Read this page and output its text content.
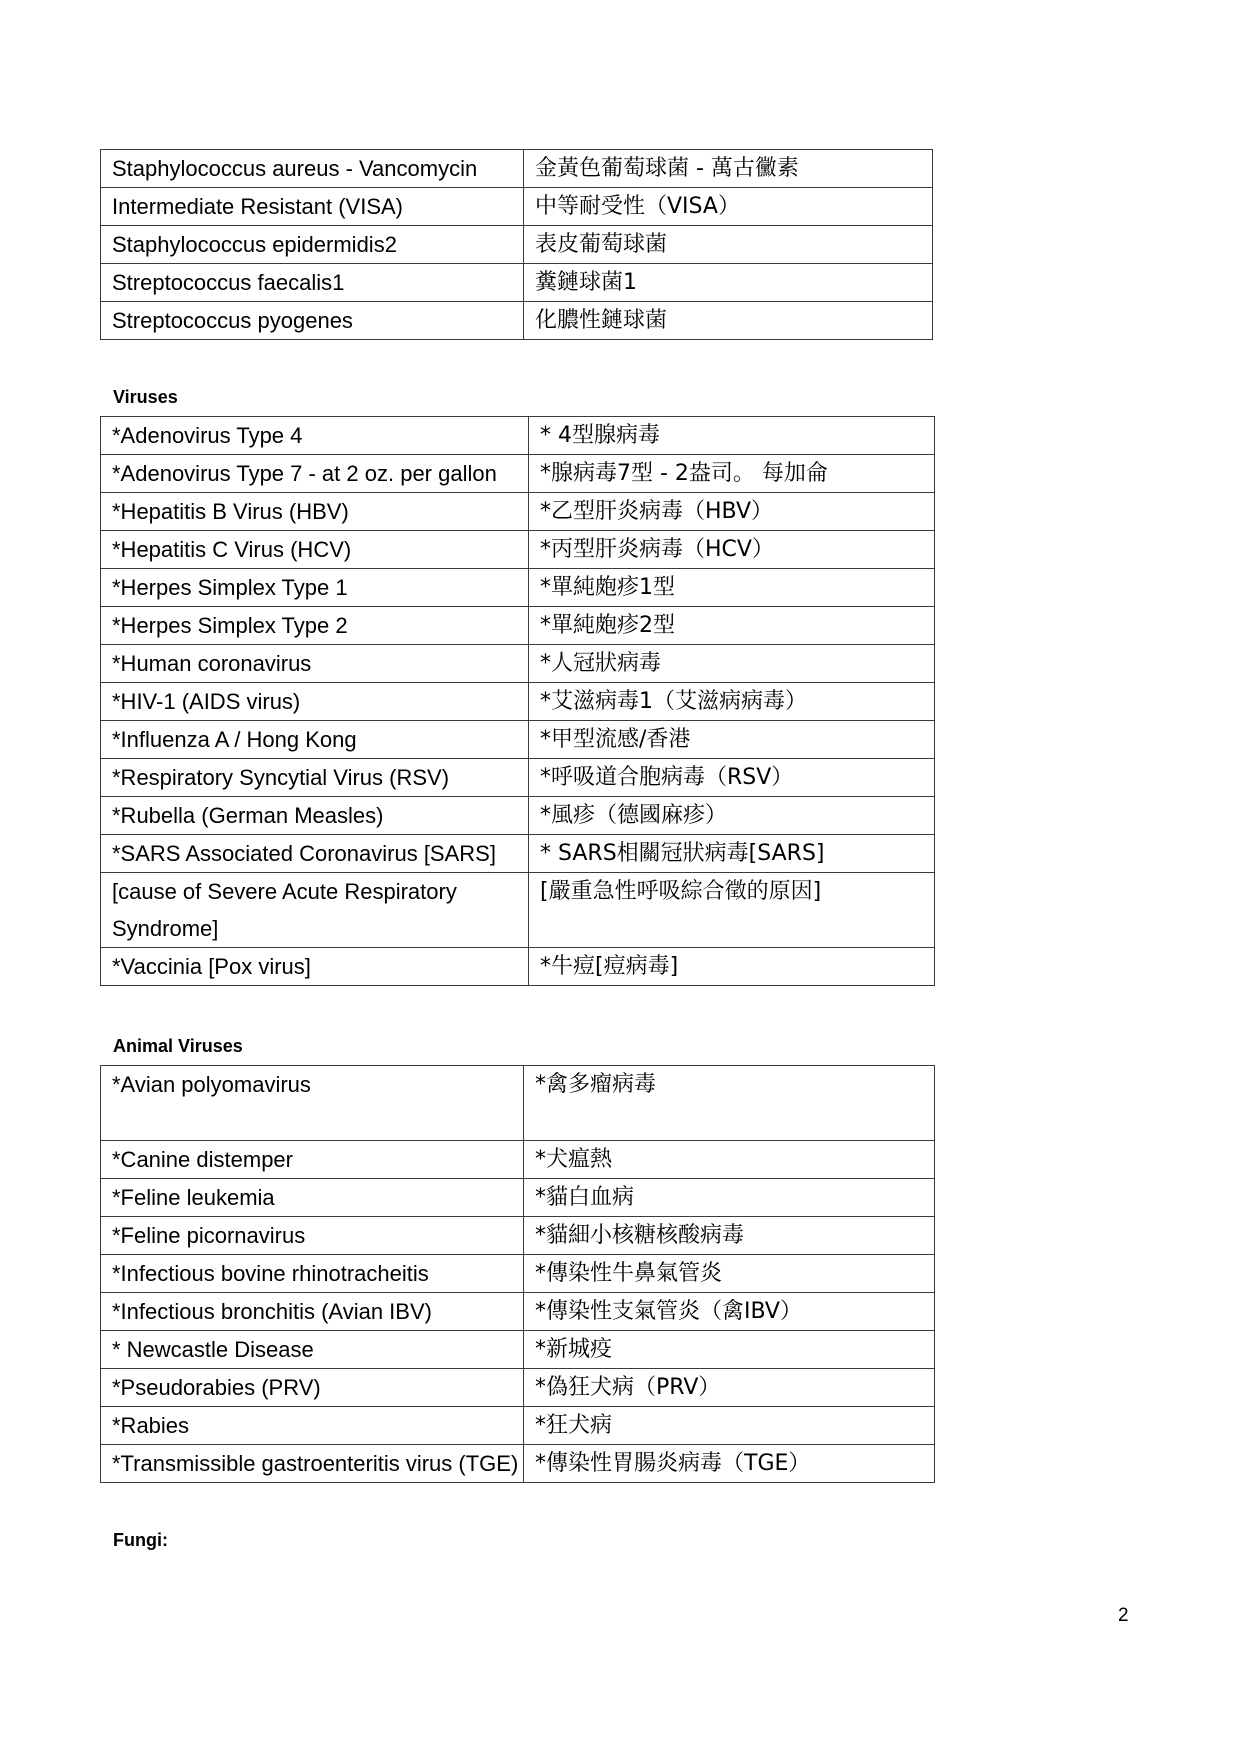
Staphylococcus aureus - Vancomycin	金黃色葡萄球菌 - 萬古黴素
Intermediate Resistant (VISA)	中等耐受性（VISA）
Staphylococcus epidermidis2	表皮葡萄球菌
Streptococcus faecalis1	糞鏈球菌1
Streptococcus pyogenes	化膿性鏈球菌
Viruses
*Adenovirus Type 4	* 4型腺病毒
*Adenovirus Type 7 - at 2 oz. per gallon	*腺病毒7型 - 2盎司。 每加侖
*Hepatitis B Virus (HBV)	*乙型肝炎病毒（HBV）
*Hepatitis C Virus (HCV)	*丙型肝炎病毒（HCV）
*Herpes Simplex Type 1	*單純皰疹1型
*Herpes Simplex Type 2	*單純皰疹2型
*Human coronavirus	*人冠狀病毒
*HIV-1 (AIDS virus)	*艾滋病毒1（艾滋病病毒）
*Influenza A / Hong Kong	*甲型流感/香港
*Respiratory Syncytial Virus (RSV)	*呼吸道合胞病毒（RSV）
*Rubella (German Measles)	*風疹（德國麻疹）
*SARS Associated Coronavirus [SARS]	* SARS相關冠狀病毒[SARS]
[cause of Severe Acute Respiratory Syndrome]	[嚴重急性呼吸綜合徵的原因]
*Vaccinia [Pox virus]	*牛痘[痘病毒]
Animal Viruses
*Avian polyomavirus	*禽多瘤病毒
*Canine distemper	*犬瘟熱
*Feline leukemia	*貓白血病
*Feline picornavirus	*貓細小核糖核酸病毒
*Infectious bovine rhinotracheitis	*傳染性牛鼻氣管炎
*Infectious bronchitis (Avian IBV)	*傳染性支氣管炎（禽IBV）
* Newcastle Disease	*新城疫
*Pseudorabies (PRV)	*偽狂犬病（PRV）
*Rabies	*狂犬病
*Transmissible gastroenteritis virus (TGE)	*傳染性胃腸炎病毒（TGE）
Fungi:
2
